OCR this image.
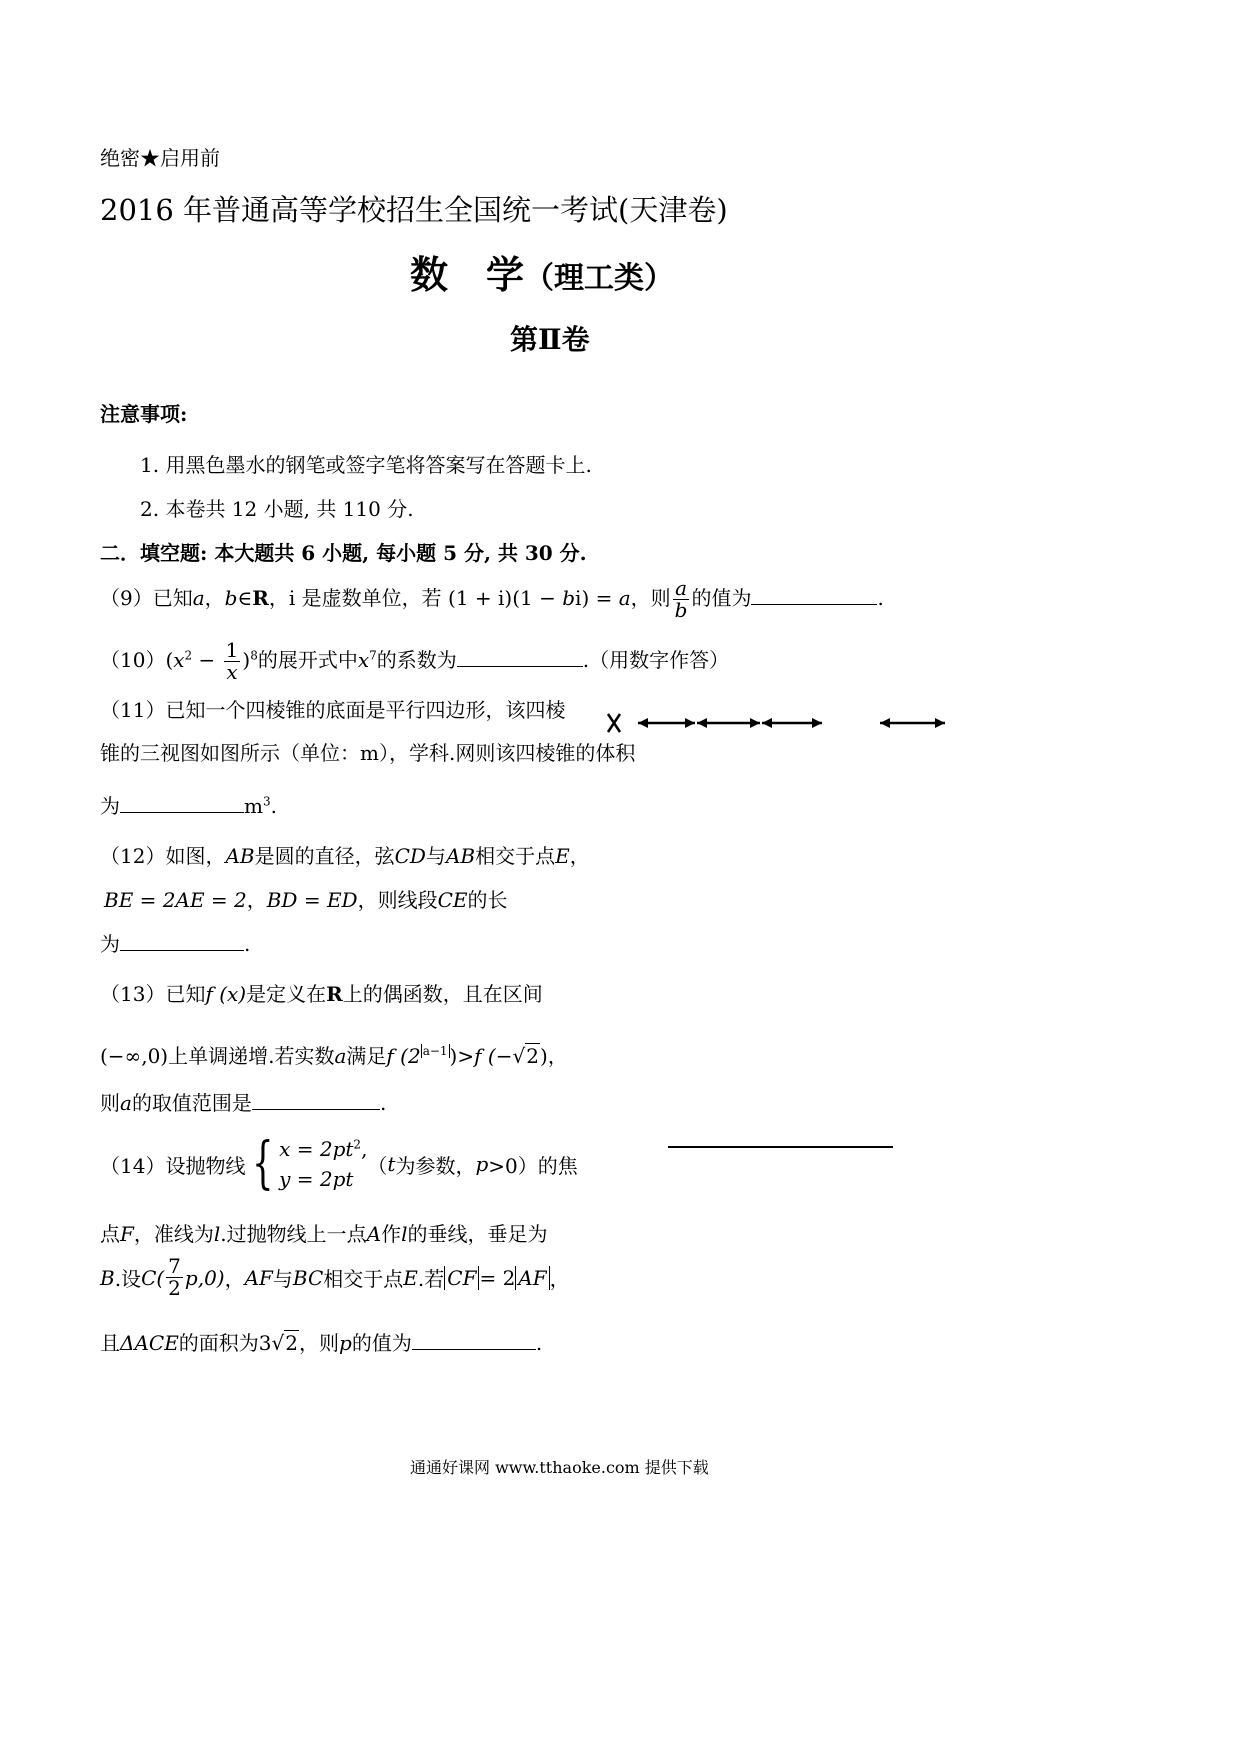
绝密★启用前
2016 年普通高等学校招生全国统一考试(天津卷)
数　学（理工类）
第Ⅱ卷
注意事项:
1. 用黑色墨水的钢笔或签字笔将答案写在答题卡上.
2. 本卷共 12 小题, 共 110 分.
二．填空题: 本大题共 6 小题, 每小题 5 分, 共 30 分.
（9）已知a，b∈R，i 是虚数单位，若 (1 + i)(1 − bi) = a，则 $\frac{a}{b}$ 的值为	.
$(10)(x^2 - \frac{1}{x} )^8$的展开式中$x^7$的系数为	.（用数字作答）
（11）已知一个四棱锥的底面是平行四边形，该四棱
锥的三视图如图所示（单位：m），学科.网则该四棱锥的体积
为	$m^3$.
（12）如图，AB是圆的直径，弦CD与AB相交于点E，
BE = 2AE = 2，BD = ED，则线段CE的长
为	.
（13）已知f (x)是定义在R上的偶函数，且在区间
(−∞,0)上单调递增.若实数a满足f (2 $^{a-1}$ )>f (−√2)，
则a的取值范围是	.
（14）设抛物线 { $x = 2pt^2$,
y = 2pt
（ t 为参数， p >0）的焦
点F，准线为l.过抛物线上一点A作l的垂线，垂足为
B .设 $C( \frac{7}{2} p,0)$ ， AF 与 BC 相交于点 E .若 CF = 2 AF ，
且ΔACE的面积为3√2，则p的值为	.
通通好课网 www.tthaoke.com 提供下载
